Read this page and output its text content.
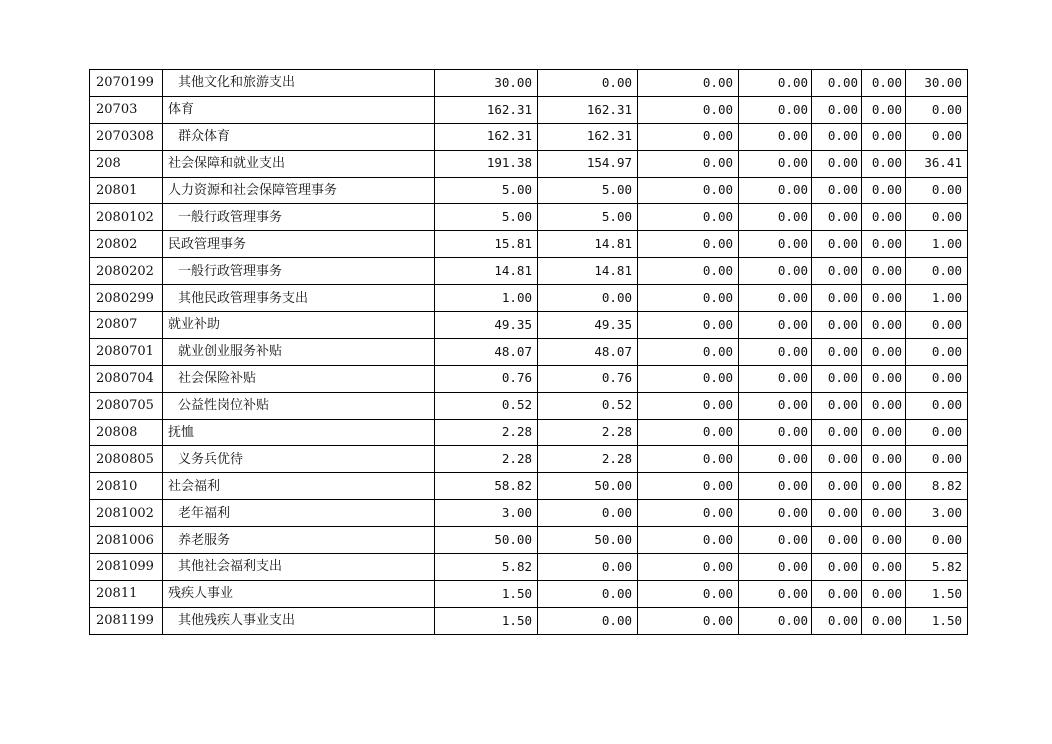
2070199	其他文化和旅游支出	30.00	0.00	0.00	0.00	0.00	0.00	30.00
20703	体育	162.31	162.31	0.00	0.00	0.00	0.00	0.00
2070308	群众体育	162.31	162.31	0.00	0.00	0.00	0.00	0.00
208	社会保障和就业支出	191.38	154.97	0.00	0.00	0.00	0.00	36.41
20801	人力资源和社会保障管理事务	5.00	5.00	0.00	0.00	0.00	0.00	0.00
2080102	一般行政管理事务	5.00	5.00	0.00	0.00	0.00	0.00	0.00
20802	民政管理事务	15.81	14.81	0.00	0.00	0.00	0.00	1.00
2080202	一般行政管理事务	14.81	14.81	0.00	0.00	0.00	0.00	0.00
2080299	其他民政管理事务支出	1.00	0.00	0.00	0.00	0.00	0.00	1.00
20807	就业补助	49.35	49.35	0.00	0.00	0.00	0.00	0.00
2080701	就业创业服务补贴	48.07	48.07	0.00	0.00	0.00	0.00	0.00
2080704	社会保险补贴	0.76	0.76	0.00	0.00	0.00	0.00	0.00
2080705	公益性岗位补贴	0.52	0.52	0.00	0.00	0.00	0.00	0.00
20808	抚恤	2.28	2.28	0.00	0.00	0.00	0.00	0.00
2080805	义务兵优待	2.28	2.28	0.00	0.00	0.00	0.00	0.00
20810	社会福利	58.82	50.00	0.00	0.00	0.00	0.00	8.82
2081002	老年福利	3.00	0.00	0.00	0.00	0.00	0.00	3.00
2081006	养老服务	50.00	50.00	0.00	0.00	0.00	0.00	0.00
2081099	其他社会福利支出	5.82	0.00	0.00	0.00	0.00	0.00	5.82
20811	残疾人事业	1.50	0.00	0.00	0.00	0.00	0.00	1.50
2081199	其他残疾人事业支出	1.50	0.00	0.00	0.00	0.00	0.00	1.50
